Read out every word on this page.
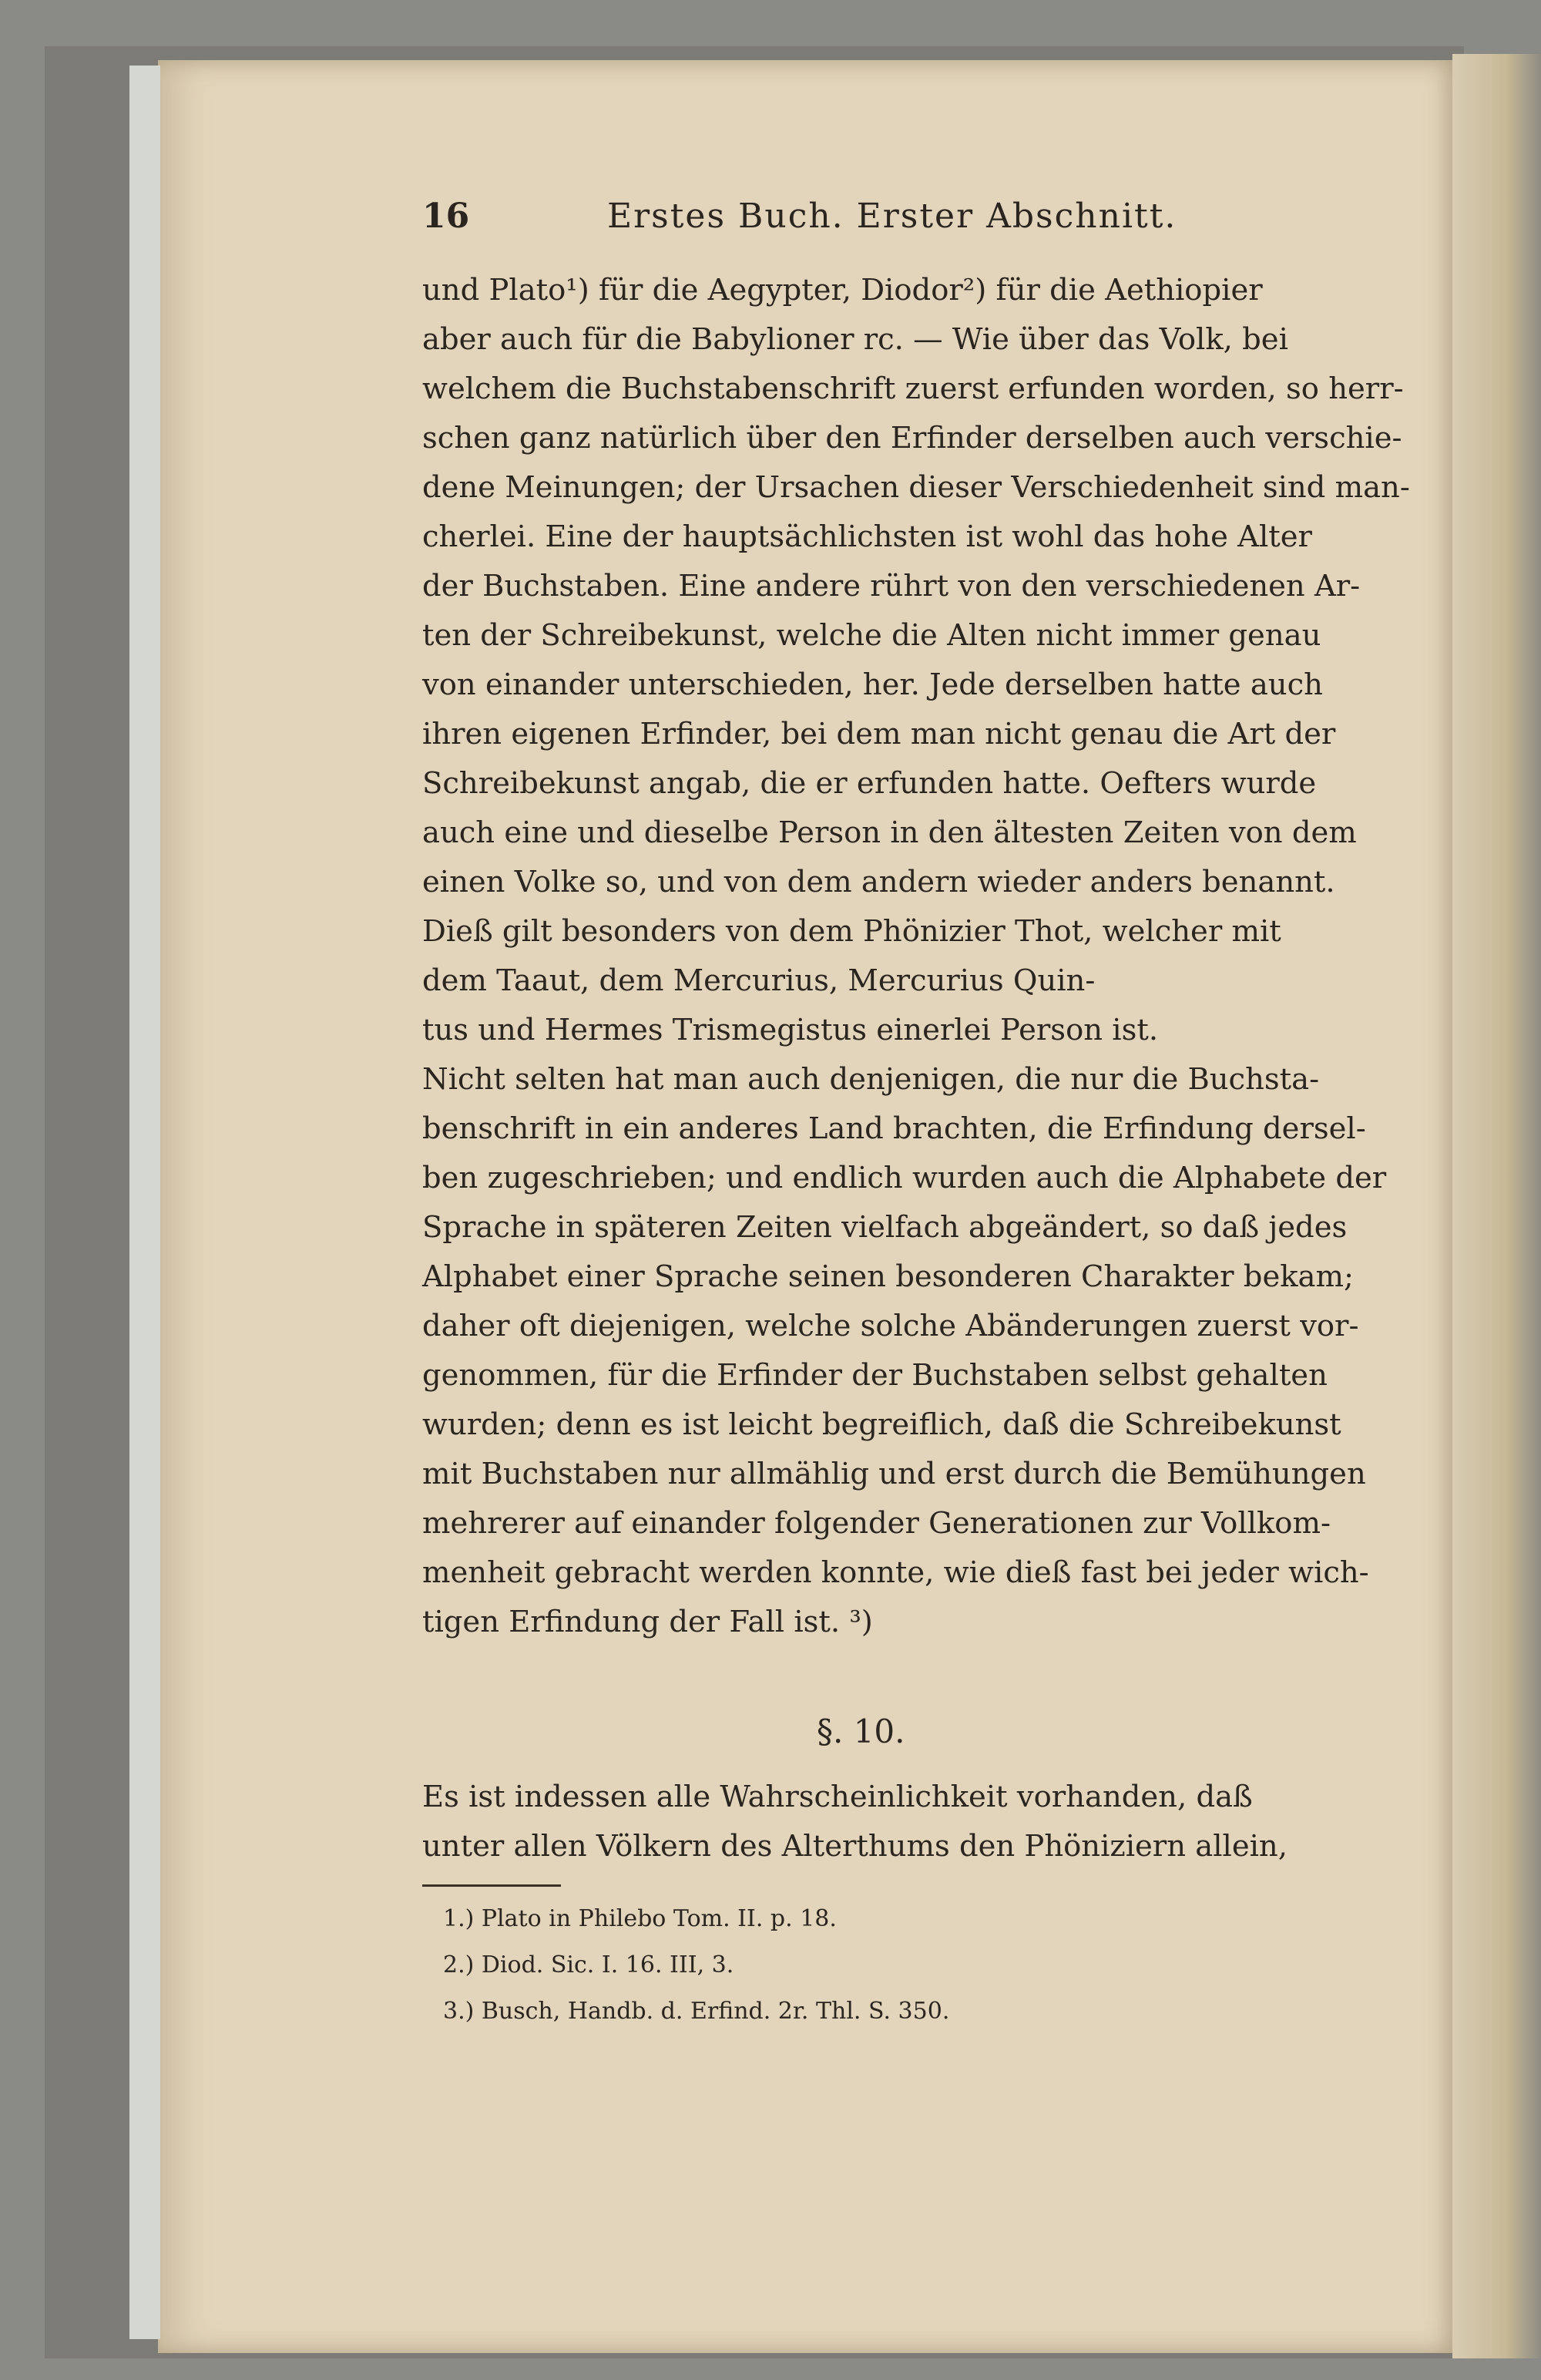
16	Erstes Buch. Erster Abschnitt.
und Plato¹) für die Aegypter, Diodor²) für die Aethiopier
aber auch für die Babylioner rc. — Wie über das Volk, bei
welchem die Buchstabenschrift zuerst erfunden worden, so herr-
schen ganz natürlich über den Erfinder derselben auch verschie-
dene Meinungen; der Ursachen dieser Verschiedenheit sind man-
cherlei. Eine der hauptsächlichsten ist wohl das hohe Alter
der Buchstaben. Eine andere rührt von den verschiedenen Ar-
ten der Schreibekunst, welche die Alten nicht immer genau
von einander unterschieden, her. Jede derselben hatte auch
ihren eigenen Erfinder, bei dem man nicht genau die Art der
Schreibekunst angab, die er erfunden hatte. Oefters wurde
auch eine und dieselbe Person in den ältesten Zeiten von dem
einen Volke so, und von dem andern wieder anders benannt.
Dieß gilt besonders von dem Phönizier Thot, welcher mit
dem Taaut, dem Mercurius, Mercurius Quin-
tus und Hermes Trismegistus einerlei Person ist.
Nicht selten hat man auch denjenigen, die nur die Buchsta-
benschrift in ein anderes Land brachten, die Erfindung dersel-
ben zugeschrieben; und endlich wurden auch die Alphabete der
Sprache in späteren Zeiten vielfach abgeändert, so daß jedes
Alphabet einer Sprache seinen besonderen Charakter bekam;
daher oft diejenigen, welche solche Abänderungen zuerst vor-
genommen, für die Erfinder der Buchstaben selbst gehalten
wurden; denn es ist leicht begreiflich, daß die Schreibekunst
mit Buchstaben nur allmählig und erst durch die Bemühungen
mehrerer auf einander folgender Generationen zur Vollkom-
menheit gebracht werden konnte, wie dieß fast bei jeder wich-
tigen Erfindung der Fall ist. ³)
§. 10.
Es ist indessen alle Wahrscheinlichkeit vorhanden, daß
unter allen Völkern des Alterthums den Phöniziern allein,
1.) Plato in Philebo Tom. II. p. 18.
2.) Diod. Sic. I. 16. III, 3.
3.) Busch, Handb. d. Erfind. 2r. Thl. S. 350.
